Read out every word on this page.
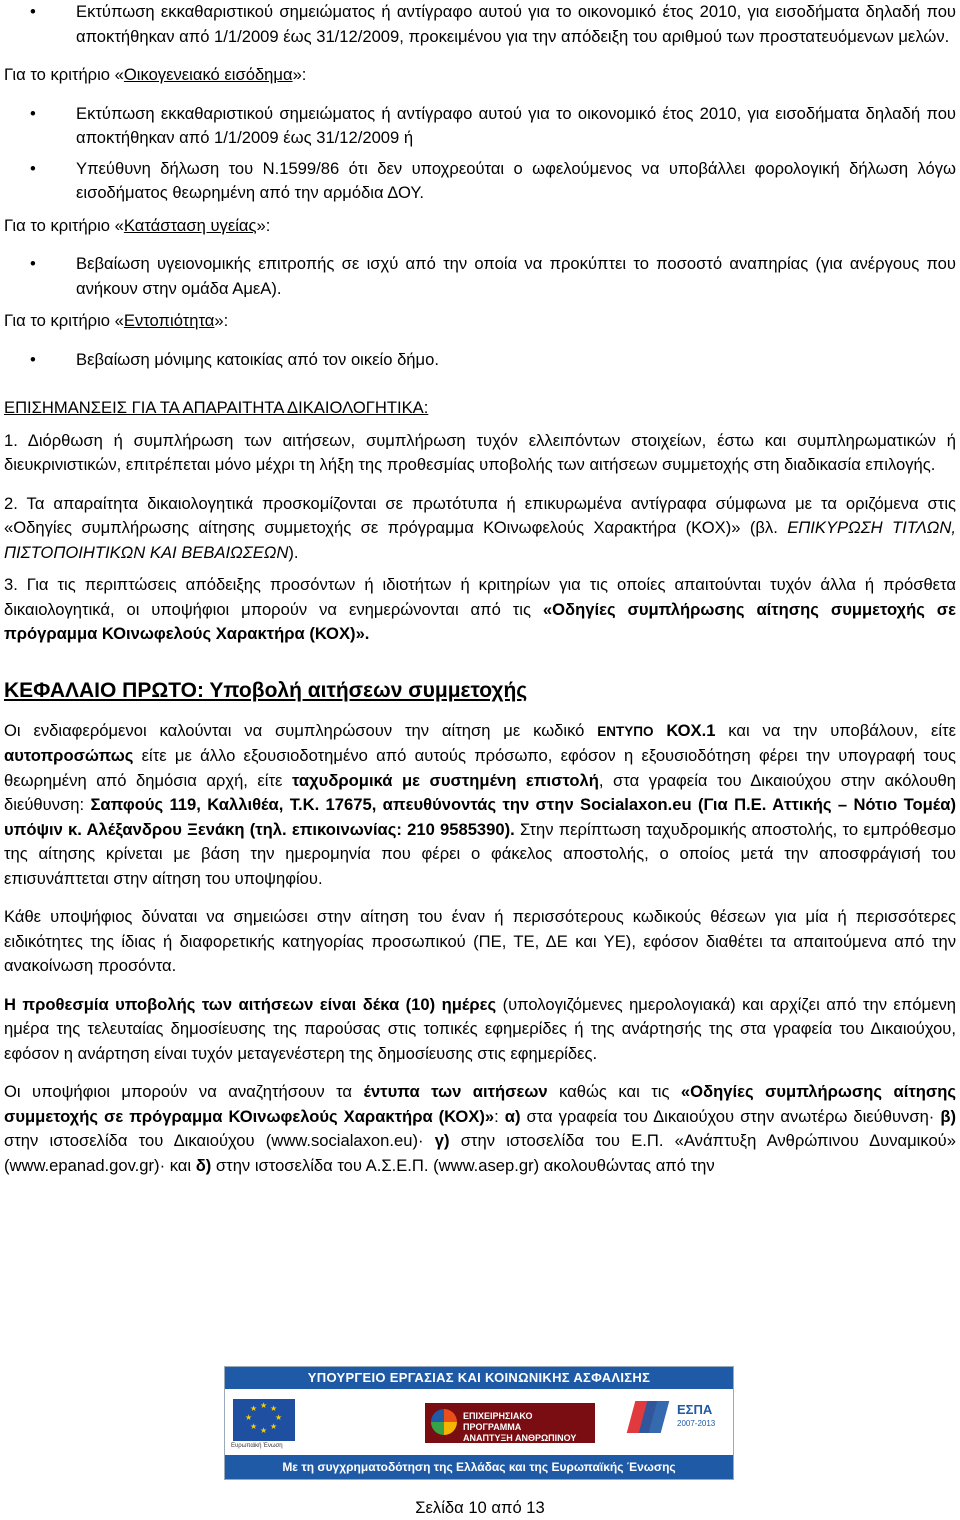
• Εκτύπωση εκκαθαριστικού σημειώματος ή αντίγραφο αυτού για το οικονομικό έτος 2010, για εισοδήματα δηλαδή που αποκτήθηκαν από 1/1/2009 έως 31/12/2009, προκειμένου για την απόδειξη του αριθμού των προστατευόμενων μελών.

Για το κριτήριο «Οικογενειακό εισόδημα»:

• Εκτύπωση εκκαθαριστικού σημειώματος ή αντίγραφο αυτού για το οικονομικό έτος 2010, για εισοδήματα δηλαδή που αποκτήθηκαν από 1/1/2009 έως 31/12/2009 ή
• Υπεύθυνη δήλωση του Ν.1599/86 ότι δεν υποχρεούται ο ωφελούμενος να υποβάλλει φορολογική δήλωση λόγω εισοδήματος θεωρημένη από την αρμόδια ΔΟΥ.

Για το κριτήριο «Κατάσταση υγείας»:

• Βεβαίωση υγειονομικής επιτροπής σε ισχύ από την οποία να προκύπτει το ποσοστό αναπηρίας (για ανέργους που ανήκουν στην ομάδα ΑμεΑ).

Για το κριτήριο «Εντοπιότητα»:

• Βεβαίωση μόνιμης κατοικίας από τον οικείο δήμο.

ΕΠΙΣΗΜΑΝΣΕΙΣ ΓΙΑ ΤΑ ΑΠΑΡΑΙΤΗΤΑ ΔΙΚΑΙΟΛΟΓΗΤΙΚΑ:

1. Διόρθωση ή συμπλήρωση των αιτήσεων, συμπλήρωση τυχόν ελλειπόντων στοιχείων, έστω και συμπληρωματικών ή διευκρινιστικών, επιτρέπεται μόνο μέχρι τη λήξη της προθεσμίας υποβολής των αιτήσεων συμμετοχής στη διαδικασία επιλογής.

2. Τα απαραίτητα δικαιολογητικά προσκομίζονται σε πρωτότυπα ή επικυρωμένα αντίγραφα σύμφωνα με τα οριζόμενα στις «Οδηγίες συμπλήρωσης αίτησης συμμετοχής σε πρόγραμμα ΚΟινωφελούς Χαρακτήρα (ΚΟΧ)» (βλ. ΕΠΙΚΥΡΩΣΗ ΤΙΤΛΩΝ, ΠΙΣΤΟΠΟΙΗΤΙΚΩΝ ΚΑΙ ΒΕΒΑΙΩΣΕΩΝ).

3. Για τις περιπτώσεις απόδειξης προσόντων ή ιδιοτήτων ή κριτηρίων για τις οποίες απαιτούνται τυχόν άλλα ή πρόσθετα δικαιολογητικά, οι υποψήφιοι μπορούν να ενημερώνονται από τις «Οδηγίες συμπλήρωσης αίτησης συμμετοχής σε πρόγραμμα ΚΟινωφελούς Χαρακτήρα (ΚΟΧ)».

ΚΕΦΑΛΑΙΟ ΠΡΩΤΟ: Υποβολή αιτήσεων συμμετοχής

Οι ενδιαφερόμενοι καλούνται να συμπληρώσουν την αίτηση με κωδικό ΕΝΤΥΠΟ ΚΟΧ.1 και να την υποβάλουν, είτε αυτοπροσώπως είτε με άλλο εξουσιοδοτημένο από αυτούς πρόσωπο, εφόσον η εξουσιοδότηση φέρει την υπογραφή τους θεωρημένη από δημόσια αρχή, είτε ταχυδρομικά με συστημένη επιστολή, στα γραφεία του Δικαιούχου στην ακόλουθη διεύθυνση: Σαπφούς 119, Καλλιθέα, Τ.Κ. 17675, απευθύνοντάς την στην Socialaxon.eu (Για Π.Ε. Αττικής – Νότιο Τομέα) υπόψιν κ. Αλέξανδρου Ξενάκη (τηλ. επικοινωνίας: 210 9585390). Στην περίπτωση ταχυδρομικής αποστολής, το εμπρόθεσμο της αίτησης κρίνεται με βάση την ημερομηνία που φέρει ο φάκελος αποστολής, ο οποίος μετά την αποσφράγισή του επισυνάπτεται στην αίτηση του υποψηφίου.

Κάθε υποψήφιος δύναται να σημειώσει στην αίτηση του έναν ή περισσότερους κωδικούς θέσεων για μία ή περισσότερες ειδικότητες της ίδιας ή διαφορετικής κατηγορίας προσωπικού (ΠΕ, ΤΕ, ΔΕ και ΥΕ), εφόσον διαθέτει τα απαιτούμενα από την ανακοίνωση προσόντα.

Η προθεσμία υποβολής των αιτήσεων είναι δέκα (10) ημέρες (υπολογιζόμενες ημερολογιακά) και αρχίζει από την επόμενη ημέρα της τελευταίας δημοσίευσης της παρούσας στις τοπικές εφημερίδες ή της ανάρτησής της στα γραφεία του Δικαιούχου, εφόσον η ανάρτηση είναι τυχόν μεταγενέστερη της δημοσίευσης στις εφημερίδες.

Οι υποψήφιοι μπορούν να αναζητήσουν τα έντυπα των αιτήσεων καθώς και τις «Οδηγίες συμπλήρωσης αίτησης συμμετοχής σε πρόγραμμα ΚΟινωφελούς Χαρακτήρα (ΚΟΧ)»: α) στα γραφεία του Δικαιούχου στην ανωτέρω διεύθυνση· β) στην ιστοσελίδα του Δικαιούχου (www.socialaxon.eu)· γ) στην ιστοσελίδα του Ε.Π. «Ανάπτυξη Ανθρώπινου Δυναμικού» (www.epanad.gov.gr)· και δ) στην ιστοσελίδα του Α.Σ.Ε.Π. (www.asep.gr) ακολουθώντας από την

ΥΠΟΥΡΓΕΙΟ ΕΡΓΑΣΙΑΣ ΚΑΙ ΚΟΙΝΩΝΙΚΗΣ ΑΣΦΑΛΙΣΗΣ
★ ★
★
★
★
★
★
★
Ευρωπαϊκή Ένωση
ΕΠΙΧΕΙΡΗΣΙΑΚΟ ΠΡΟΓΡΑΜΜΑ
ΑΝΑΠΤΥΞΗ ΑΝΘΡΩΠΙΝΟΥ ΔΥΝΑΜΙΚΟΥ
ΕΣΠΑ
2007-2013
Με τη συγχρηματοδότηση της Ελλάδας και της Ευρωπαϊκής Ένωσης
Σελίδα 10 από 13
